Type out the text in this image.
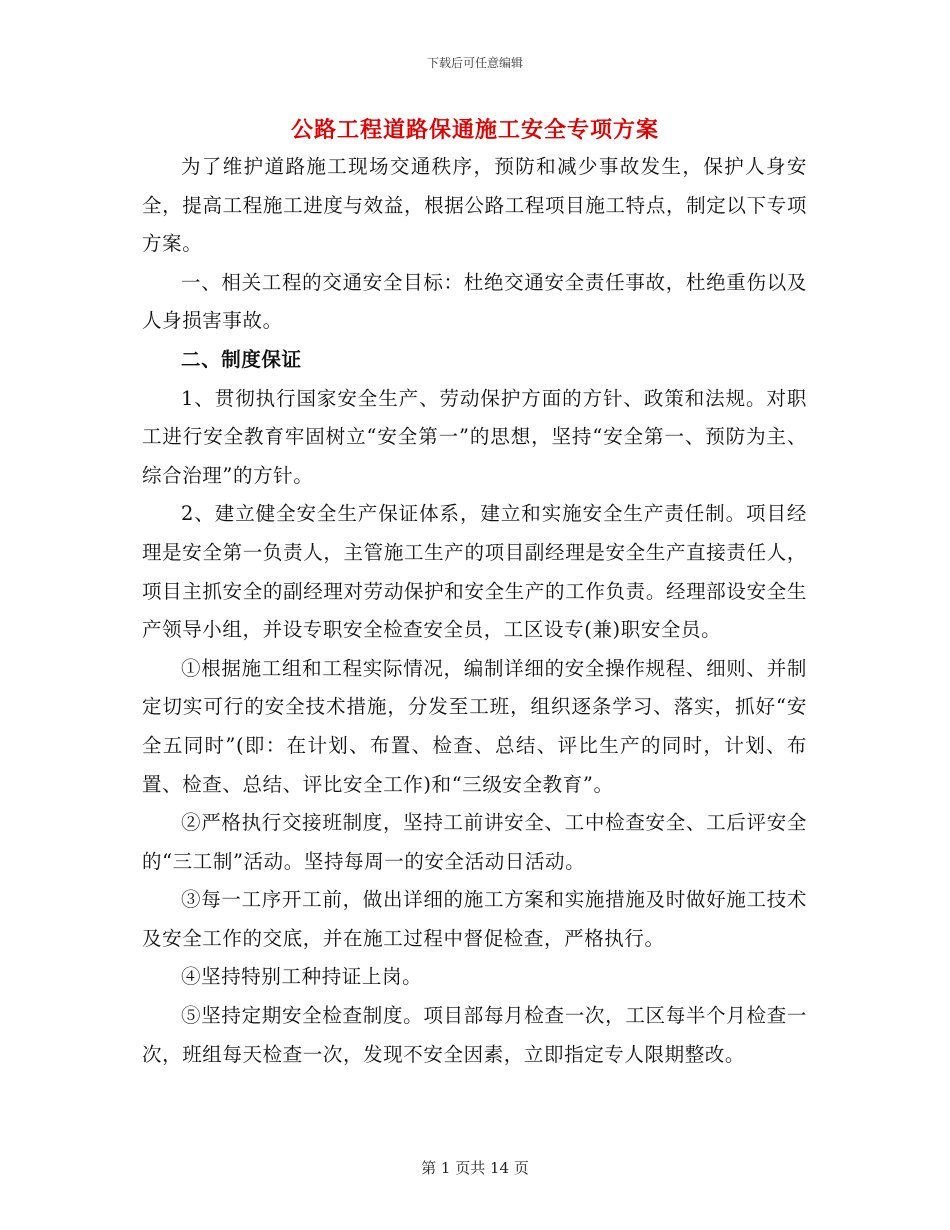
下载后可任意编辑
公路工程道路保通施工安全专项方案

为了维护道路施工现场交通秩序，预防和减少事故发生，保护人身安全，提高工程施工进度与效益，根据公路工程项目施工特点，制定以下专项方案。

一、相关工程的交通安全目标：杜绝交通安全责任事故，杜绝重伤以及人身损害事故。

二、制度保证

1、贯彻执行国家安全生产、劳动保护方面的方针、政策和法规。对职工进行安全教育牢固树立“安全第一”的思想，坚持“安全第一、预防为主、综合治理”的方针。

2、建立健全安全生产保证体系，建立和实施安全生产责任制。项目经理是安全第一负责人，主管施工生产的项目副经理是安全生产直接责任人，项目主抓安全的副经理对劳动保护和安全生产的工作负责。经理部设安全生产领导小组，并设专职安全检查安全员，工区设专(兼)职安全员。

①根据施工组和工程实际情况，编制详细的安全操作规程、细则、并制定切实可行的安全技术措施，分发至工班，组织逐条学习、落实，抓好“安全五同时”(即：在计划、布置、检查、总结、评比生产的同时，计划、布置、检查、总结、评比安全工作)和“三级安全教育”。

②严格执行交接班制度，坚持工前讲安全、工中检查安全、工后评安全的“三工制”活动。坚持每周一的安全活动日活动。

③每一工序开工前，做出详细的施工方案和实施措施及时做好施工技术及安全工作的交底，并在施工过程中督促检查，严格执行。

④坚持特别工种持证上岗。

⑤坚持定期安全检查制度。项目部每月检查一次，工区每半个月检查一次，班组每天检查一次，发现不安全因素，立即指定专人限期整改。

第 1 页共 14 页
